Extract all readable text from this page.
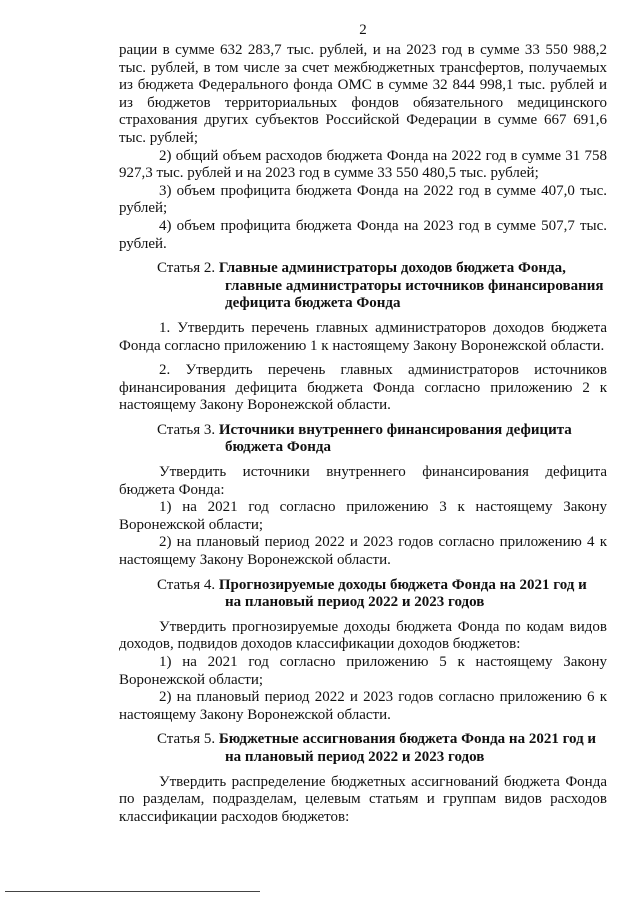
2

рации в сумме 632 283,7 тыс. рублей, и на 2023 год в сумме 33 550 988,2 тыс. рублей, в том числе за счет межбюджетных трансфертов, получаемых из бюджета Федерального фонда ОМС в сумме 32 844 998,1 тыс. рублей и из бюджетов территориальных фондов обязательного медицинского страхования других субъектов Российской Федерации в сумме 667 691,6 тыс. рублей;

2) общий объем расходов бюджета Фонда на 2022 год в сумме 31 758 927,3 тыс. рублей и на 2023 год в сумме 33 550 480,5 тыс. рублей;

3) объем профицита бюджета Фонда на 2022 год в сумме 407,0 тыс. рублей;

4) объем профицита бюджета Фонда на 2023 год в сумме 507,7 тыс. рублей.

Статья 2. Главные администраторы доходов бюджета Фонда,
главные администраторы источников финансирования
дефицита бюджета Фонда

1. Утвердить перечень главных администраторов доходов бюджета Фонда согласно приложению 1 к настоящему Закону Воронежской области.

2. Утвердить перечень главных администраторов источников финансирования дефицита бюджета Фонда согласно приложению 2 к настоящему Закону Воронежской области.

Статья 3. Источники внутреннего финансирования дефицита
бюджета Фонда

Утвердить источники внутреннего финансирования дефицита бюджета Фонда:

1) на 2021 год согласно приложению 3 к настоящему Закону Воронежской области;

2) на плановый период 2022 и 2023 годов согласно приложению 4 к настоящему Закону Воронежской области.

Статья 4. Прогнозируемые доходы бюджета Фонда на 2021 год и
на плановый период 2022 и 2023 годов

Утвердить прогнозируемые доходы бюджета Фонда по кодам видов доходов, подвидов доходов классификации доходов бюджетов:

1) на 2021 год согласно приложению 5 к настоящему Закону Воронежской области;

2) на плановый период 2022 и 2023 годов согласно приложению 6 к настоящему Закону Воронежской области.

Статья 5. Бюджетные ассигнования бюджета Фонда на 2021 год и
на плановый период 2022 и 2023 годов

Утвердить распределение бюджетных ассигнований бюджета Фонда по разделам, подразделам, целевым статьям и группам видов расходов классификации расходов бюджетов:
